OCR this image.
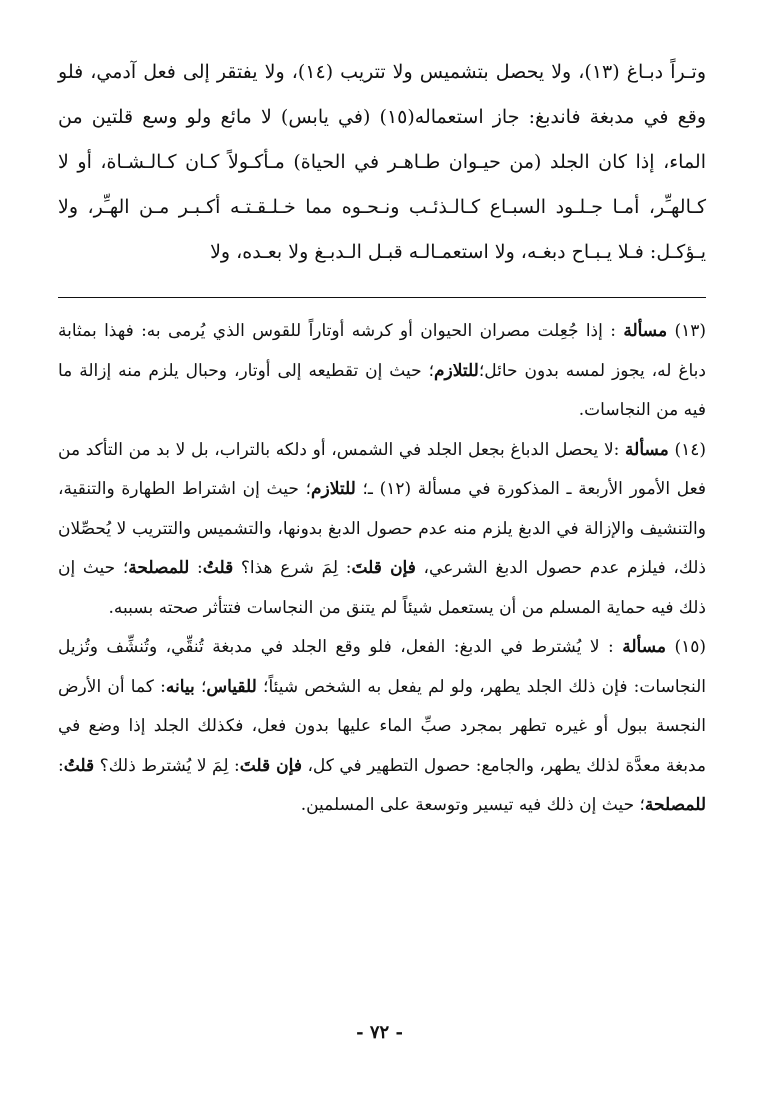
وتـراً دبـاغ (١٣)، ولا يحصل بتشميس ولا تتريب (١٤)، ولا يفتقر إلى فعل آدمي، فلو وقع في مدبغة فاندبغ: جاز استعماله(١٥) (في يابس) لا مائع ولو وسع قلتين من الماء، إذا كان الجلد (من حيـوان طـاهـر في الحياة) مـأكـولاً كـان كـالـشـاة، أو لا كـالهـِّر، أمـا جـلـود السبـاع كـالـذئـب ونـحـوه مما خـلـقـتـه أكـبـر مـن الهـِّر، ولا يـؤكـل: فـلا يـبـاح دبغـه، ولا استعمـالـه قبـل الـدبـغ ولا بعـده، ولا

(١٣) مسألة : إذا جُعِلت مصران الحيوان أو كرشه أوتاراً للقوس الذي يُرمى به: فهذا بمثابة دباغ له، يجوز لمسه بدون حائل؛للتلازم؛ حيث إن تقطيعه إلى أوتار، وحبال يلزم منه إزالة ما فيه من النجاسات.

(١٤) مسألة :لا يحصل الدباغ بجعل الجلد في الشمس، أو دلكه بالتراب، بل لا بد من التأكد من فعل الأمور الأربعة ـ المذكورة في مسألة (١٢) ـ؛ للتلازم؛ حيث إن اشتراط الطهارة والتنقية، والتنشيف والإزالة في الدبغ يلزم منه عدم حصول الدبغ بدونها، والتشميس والتتريب لا يُحصِّلان ذلك، فيلزم عدم حصول الدبغ الشرعي، فإن قلتَ: لِمَ شرع هذا؟ قلتُ: للمصلحة؛ حيث إن ذلك فيه حماية المسلم من أن يستعمل شيئاً لم يتنق من النجاسات فتتأثر صحته بسببه.

(١٥) مسألة : لا يُشترط في الدبغ: الفعل، فلو وقع الجلد في مدبغة تُنقِّي، وتُنشِّف وتُزيل النجاسات: فإن ذلك الجلد يطهر، ولو لم يفعل به الشخص شيئاً؛ للقياس؛ بيانه: كما أن الأرض النجسة ببول أو غيره تطهر بمجرد صبِّ الماء عليها بدون فعل، فكذلك الجلد إذا وضع في مدبغة معدَّة لذلك يطهر، والجامع: حصول التطهير في كل، فإن قلتَ: لِمَ لا يُشترط ذلك؟ قلتُ: للمصلحة؛ حيث إن ذلك فيه تيسير وتوسعة على المسلمين.

- ٧٢ -
